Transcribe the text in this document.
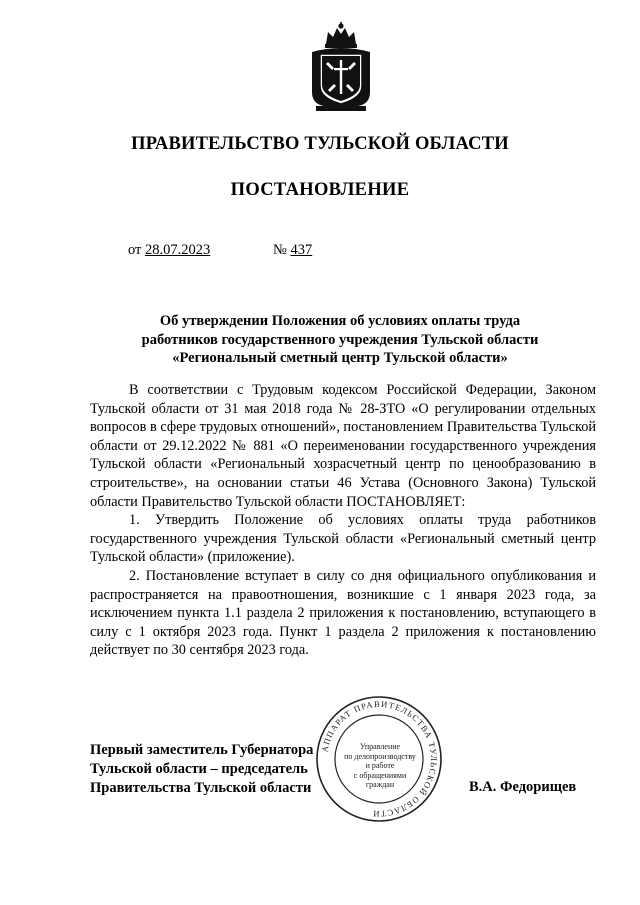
ПРАВИТЕЛЬСТВО ТУЛЬСКОЙ ОБЛАСТИ
ПОСТАНОВЛЕНИЕ
от 28.07.2023	№ 437
Об утверждении Положения об условиях оплаты труда
работников государственного учреждения Тульской области
«Региональный сметный центр Тульской области»

В соответствии с Трудовым кодексом Российской Федерации, Законом Тульской области от 31 мая 2018 года № 28-ЗТО «О регулировании отдельных вопросов в сфере трудовых отношений», постановлением Правительства Тульской области от 29.12.2022 № 881 «О переименовании государственного учреждения Тульской области «Региональный хозрасчетный центр по ценообразованию в строительстве», на основании статьи 46 Устава (Основного Закона) Тульской области Правительство Тульской области ПОСТАНОВЛЯЕТ:

1. Утвердить Положение об условиях оплаты труда работников государственного учреждения Тульской области «Региональный сметный центр Тульской области» (приложение).

2. Постановление вступает в силу со дня официального опубликования и распространяется на правоотношения, возникшие с 1 января 2023 года, за исключением пункта 1.1 раздела 2 приложения к постановлению, вступающего в силу с 1 октября 2023 года. Пункт 1 раздела 2 приложения к постановлению действует по 30 сентября 2023 года.

АППАРАТ ПРАВИТЕЛЬСТВА ТУЛЬСКОЙ ОБЛАСТИ
Управление
по делопроизводству
и работе
с обращениями
граждан
Первый заместитель Губернатора
Тульской области – председатель
Правительства Тульской области	В.А. Федорищев
